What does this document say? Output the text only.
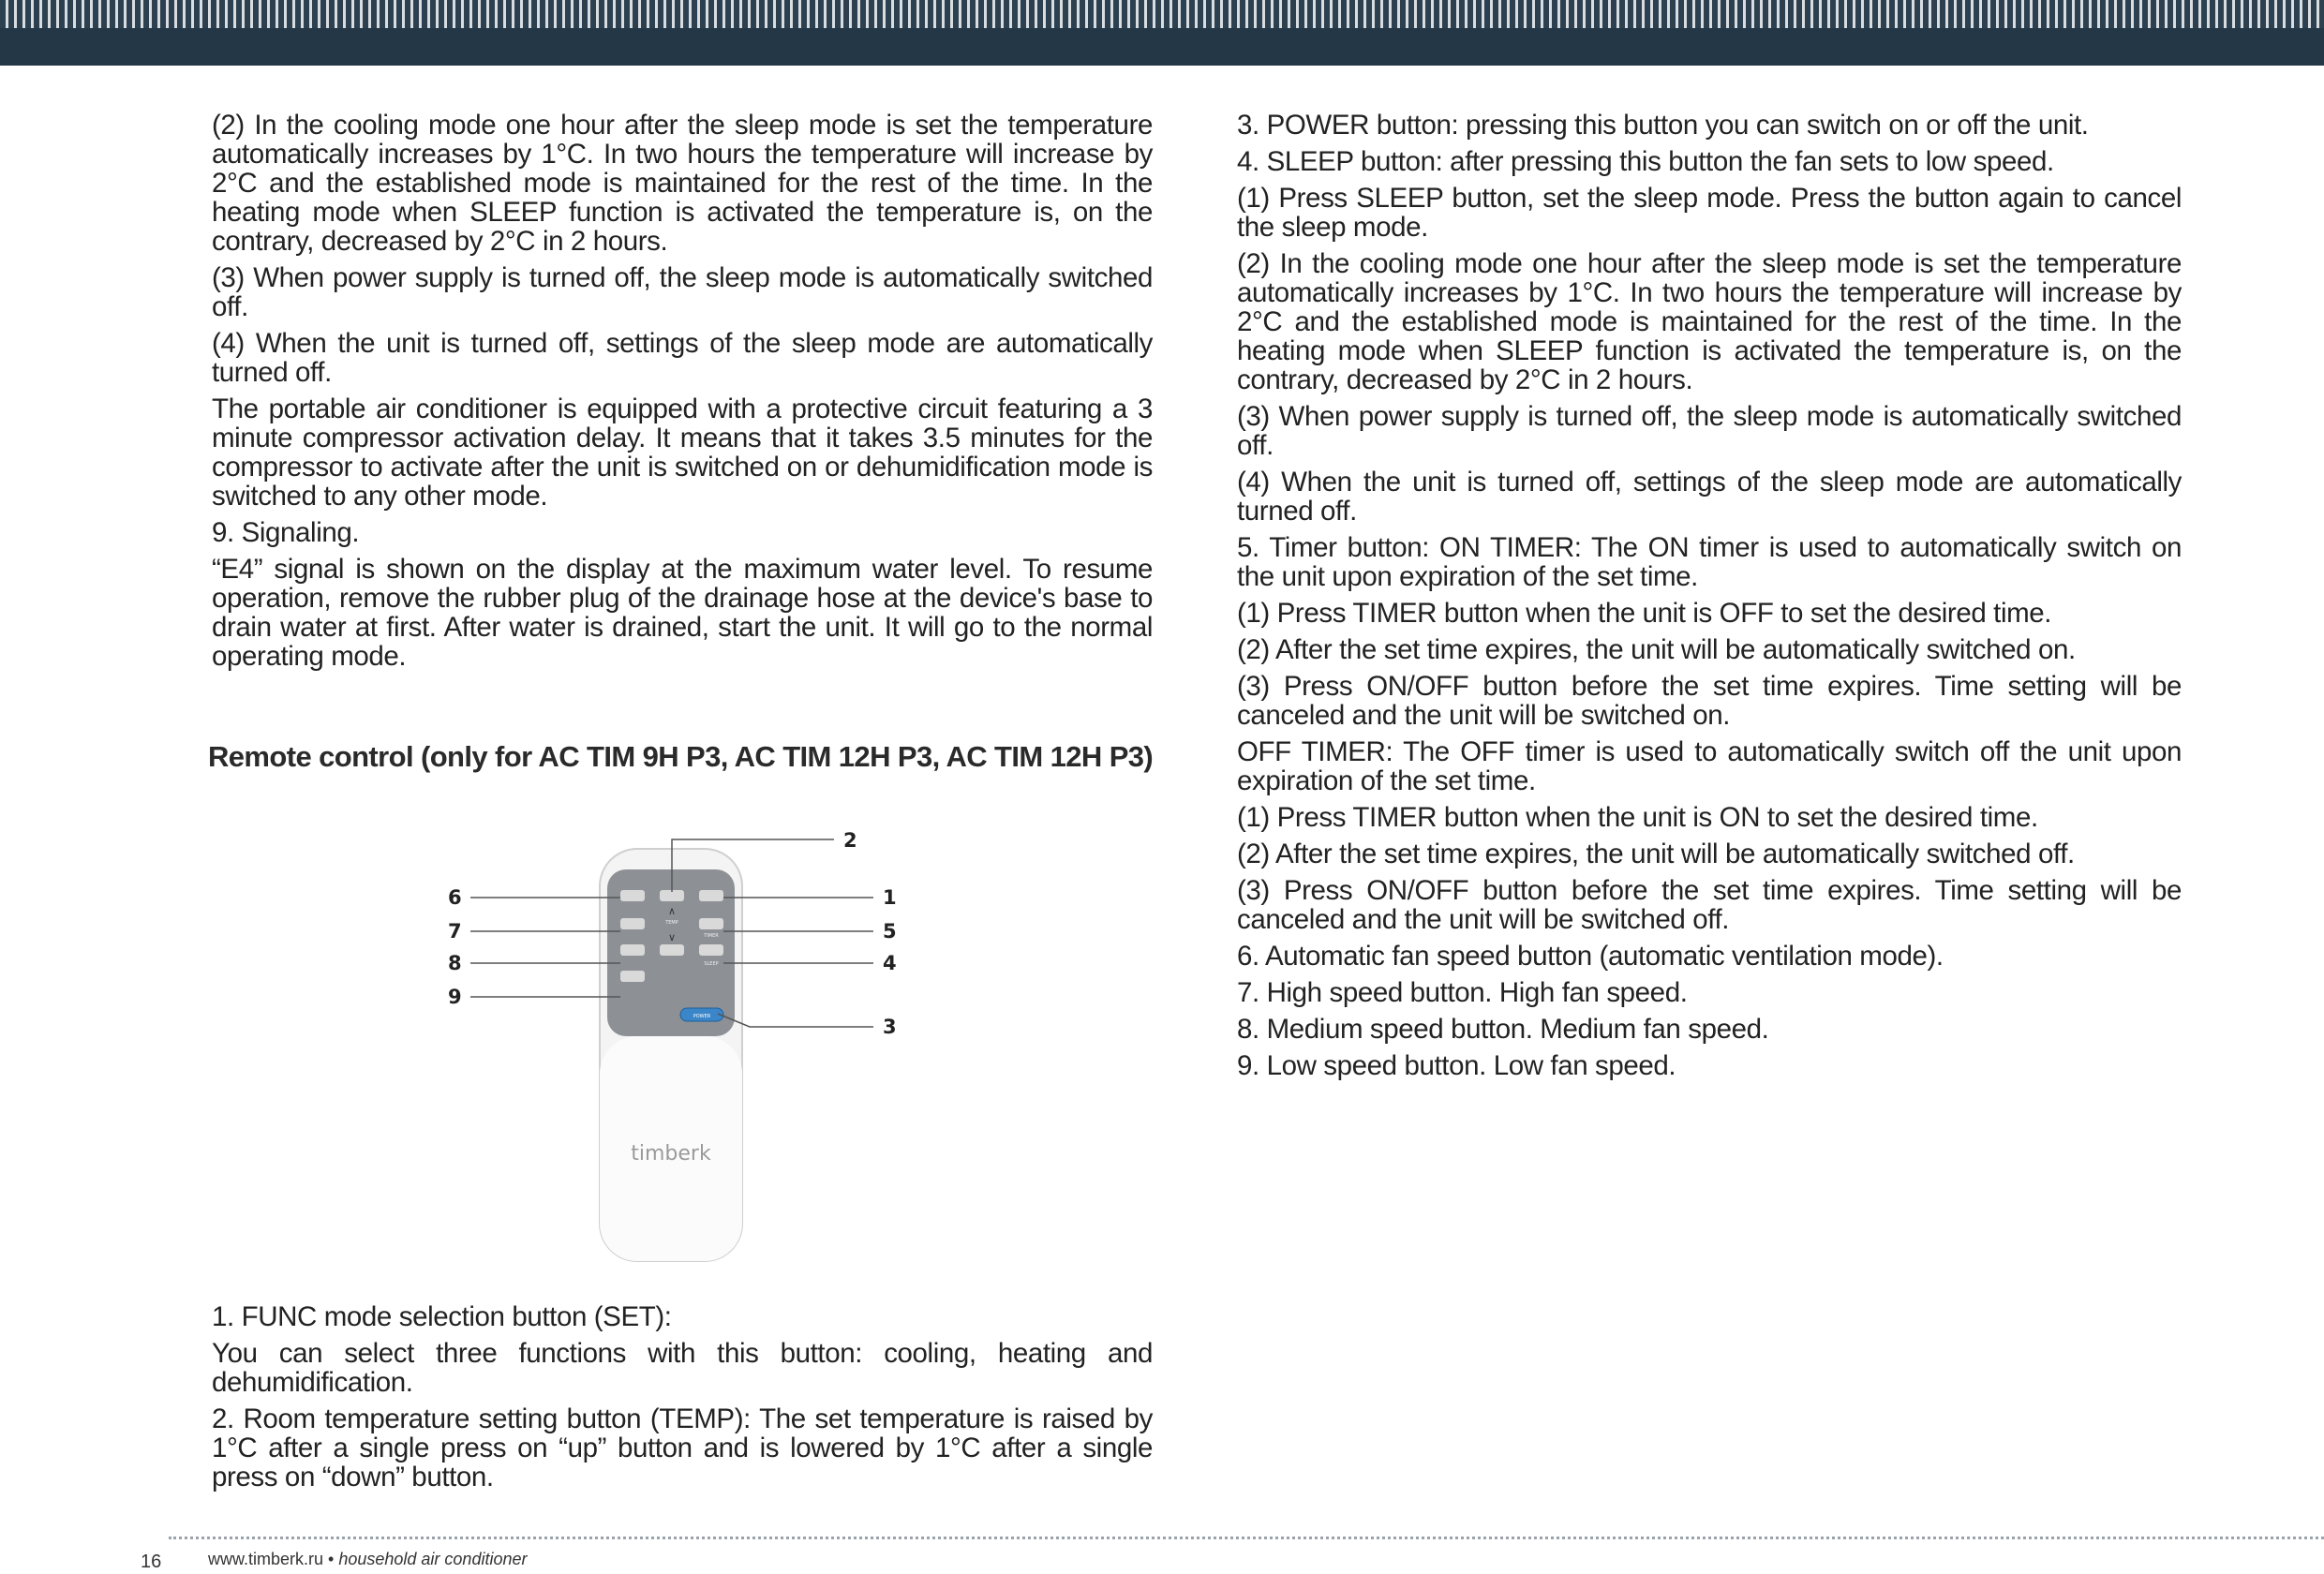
(2) In the cooling mode one hour after the sleep mode is set the temperature automatically increases by 1°C. In two hours the temperature will increase by 2°C and the established mode is maintained for the rest of the time. In the heating mode when SLEEP function is activated the temperature is, on the contrary, decreased by 2°C in 2 hours.

(3) When power supply is turned off, the sleep mode is automatically switched off.

(4) When the unit is turned off, settings of the sleep mode are automatically turned off.

The portable air conditioner is equipped with a protective circuit featuring a 3 minute compressor activation delay. It means that it takes 3.5 minutes for the compressor to activate after the unit is switched on or dehumidification mode is switched to any other mode.

9. Signaling.

“E4” signal is shown on the display at the maximum water level. To resume operation, remove the rubber plug of the drainage hose at the device's base to drain water at first. After water is drained, start the unit. It will go to the normal operating mode.

Remote control (only for AC TIM 9H P3, AC TIM 12H P3, AC TIM 12H P3)
∧
TEMP
TIMER
∨
SLEEP
POWER
timberk
2
6	1
7	5
8	4
9
3

1. FUNC mode selection button (SET):

You can select three functions with this button: cooling, heating and dehumidification.

2. Room temperature setting button (TEMP): The set temperature is raised by 1°C after a single press on “up” button and is lowered by 1°C after a single press on “down” button.

3. POWER button: pressing this button you can switch on or off the unit.

4. SLEEP button: after pressing this button the fan sets to low speed.

(1) Press SLEEP button, set the sleep mode. Press the button again to cancel the sleep mode.

(2) In the cooling mode one hour after the sleep mode is set the temperature automatically increases by 1°C. In two hours the temperature will increase by 2°C and the established mode is maintained for the rest of the time. In the heating mode when SLEEP function is activated the temperature is, on the contrary, decreased by 2°C in 2 hours.

(3) When power supply is turned off, the sleep mode is automatically switched off.

(4) When the unit is turned off, settings of the sleep mode are automatically turned off.

5. Timer button: ON TIMER: The ON timer is used to automatically switch on the unit upon expiration of the set time.

(1) Press TIMER button when the unit is OFF to set the desired time.

(2) After the set time expires, the unit will be automatically switched on.

(3) Press ON/OFF button before the set time expires. Time setting will be canceled and the unit will be switched on.

OFF TIMER: The OFF timer is used to automatically switch off the unit upon expiration of the set time.

(1) Press TIMER button when the unit is ON to set the desired time.

(2) After the set time expires, the unit will be automatically switched off.

(3) Press ON/OFF button before the set time expires. Time setting will be canceled and the unit will be switched off.

6. Automatic fan speed button (automatic ventilation mode).

7. High speed button. High fan speed.

8. Medium speed button. Medium fan speed.

9. Low speed button. Low fan speed.

16	www.timberk.ru • household air conditioner
